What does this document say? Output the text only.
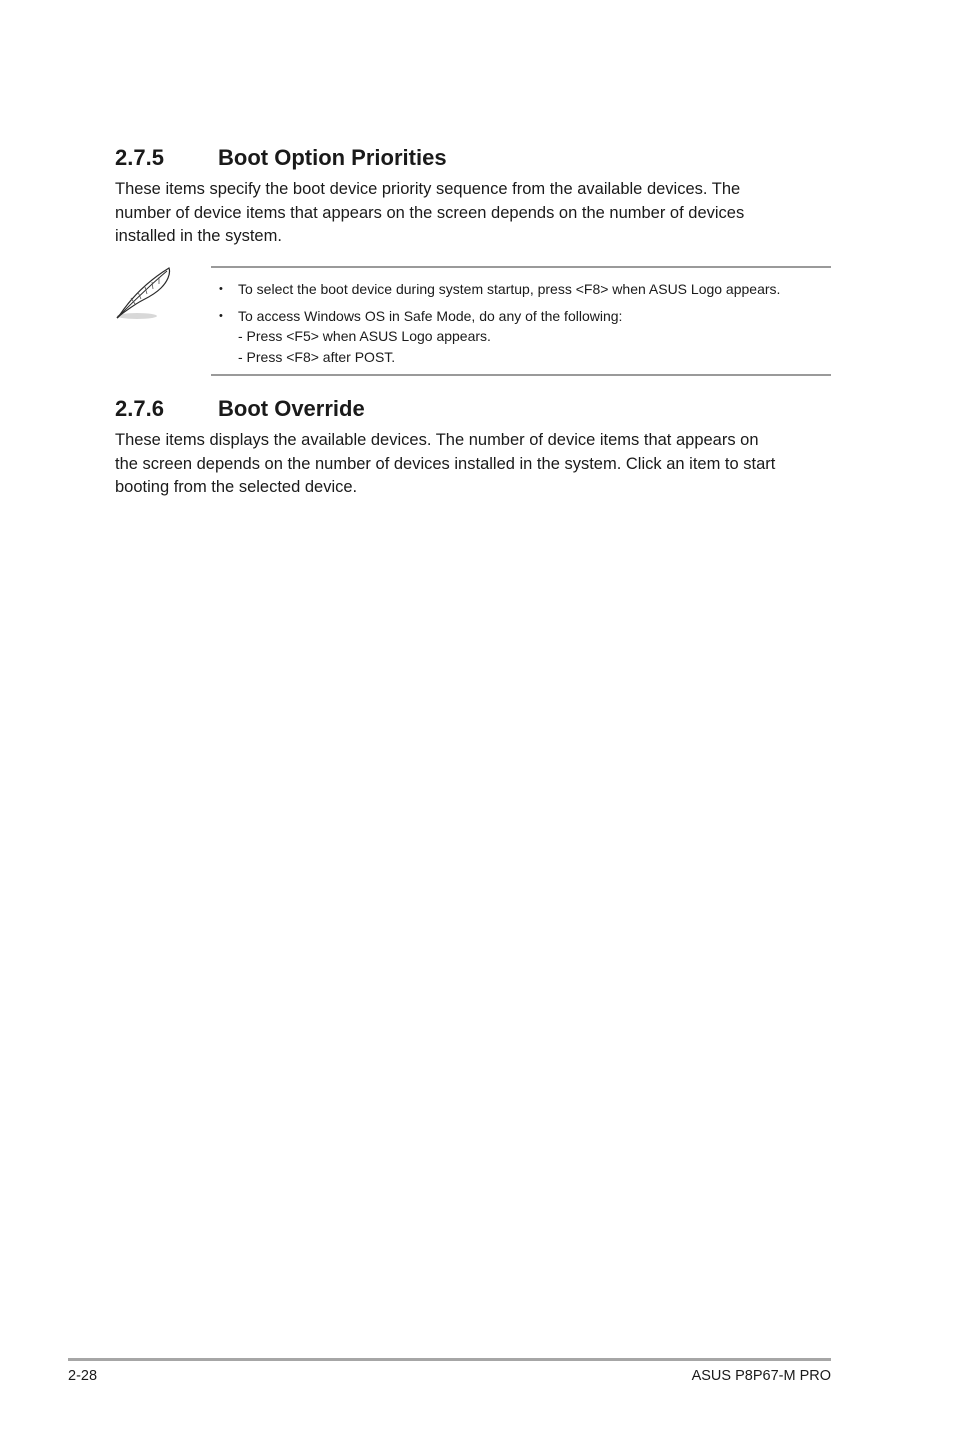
2.7.5 Boot Option Priorities

These items specify the boot device priority sequence from the available devices. The
number of device items that appears on the screen depends on the number of devices
installed in the system.

• To select the boot device during system startup, press <F8> when ASUS Logo appears.
• To access Windows OS in Safe Mode, do any of the following:
- Press <F5> when ASUS Logo appears.
- Press <F8> after POST.
2.7.6 Boot Override

These items displays the available devices. The number of device items that appears on
the screen depends on the number of devices installed in the system. Click an item to start
booting from the selected device.

2-28	ASUS P8P67-M PRO
